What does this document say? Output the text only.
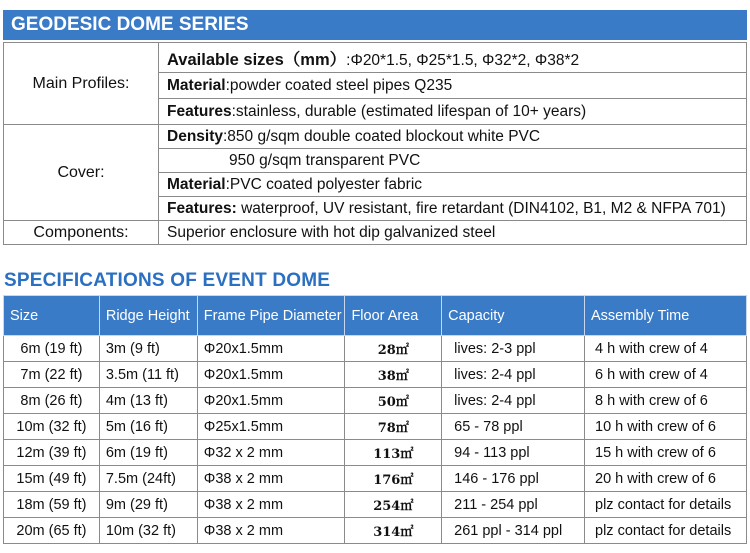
GEODESIC DOME SERIES
Main Profiles:	Available sizes（mm）:Φ20*1.5, Φ25*1.5, Φ32*2, Φ38*2
	Material:powder coated steel pipes Q235
	Features:stainless, durable (estimated lifespan of 10+ years)
Cover:	Density:850 g/sqm double coated blockout white PVC
	950 g/sqm transparent PVC
	Material:PVC coated polyester fabric
	Features: waterproof, UV resistant, fire retardant (DIN4102, B1, M2 & NFPA 701)
Components:	Superior enclosure with hot dip galvanized steel
SPECIFICATIONS OF EVENT DOME
Size	Ridge Height	Frame Pipe Diameter	Floor Area	Capacity	Assembly Time
6m (19 ft)	3m (9 ft)	Φ20x1.5mm	28㎡	lives: 2-3 ppl	4 h with crew of 4
7m (22 ft)	3.5m (11 ft)	Φ20x1.5mm	38㎡	lives: 2-4 ppl	6 h with crew of 4
8m (26 ft)	4m (13 ft)	Φ20x1.5mm	50㎡	lives: 2-4 ppl	8 h with crew of 6
10m (32 ft)	5m (16 ft)	Φ25x1.5mm	78㎡	65 - 78 ppl	10 h with crew of 6
12m (39 ft)	6m (19 ft)	Φ32 x 2 mm	113㎡	94 - 113 ppl	15 h with crew of 6
15m (49 ft)	7.5m (24ft)	Φ38 x 2 mm	176㎡	146 - 176 ppl	20 h with crew of 6
18m (59 ft)	9m (29 ft)	Φ38 x 2 mm	254㎡	211 - 254 ppl	plz contact for details
20m (65 ft)	10m (32 ft)	Φ38 x 2 mm	314㎡	261 ppl - 314 ppl	plz contact for details
